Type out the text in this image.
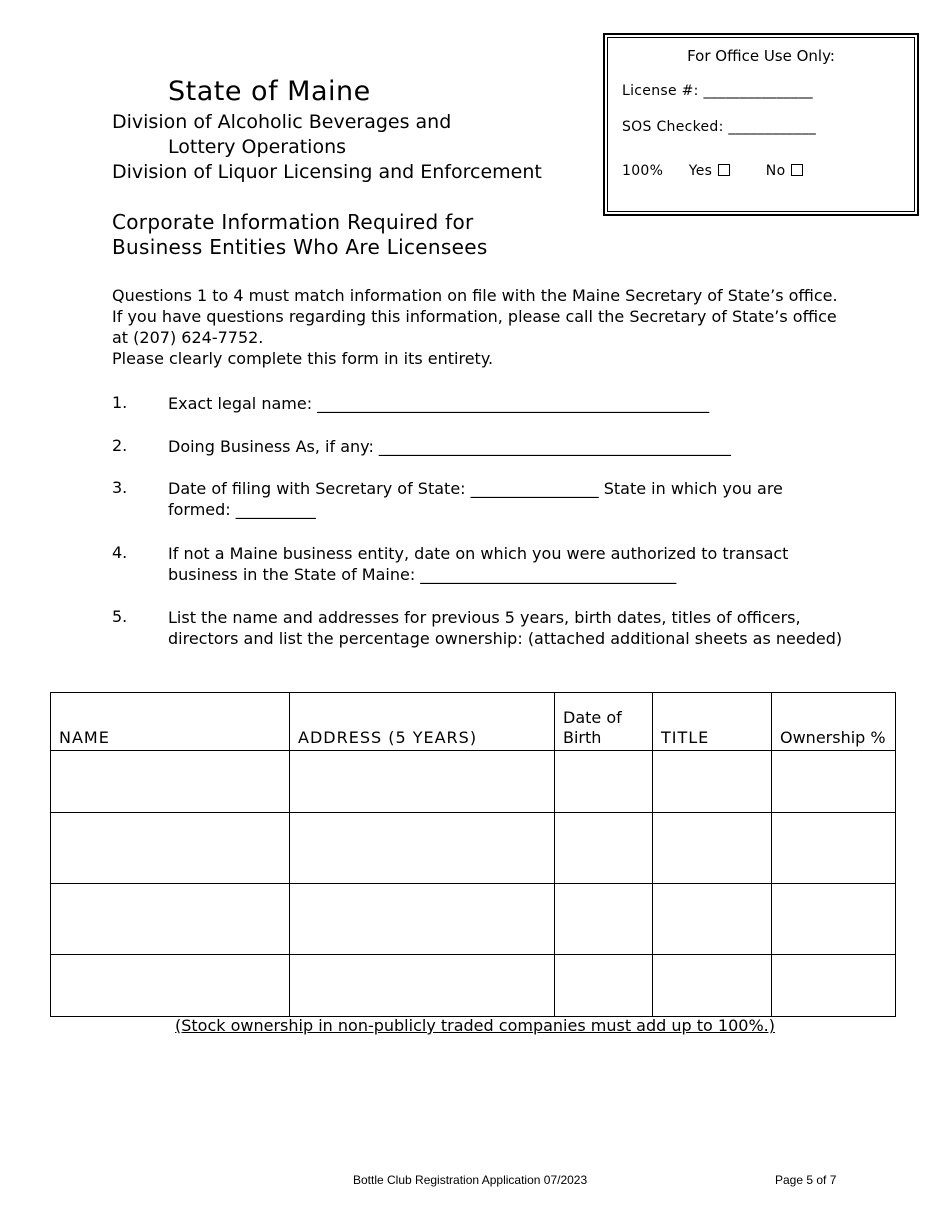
State of Maine
Division of Alcoholic Beverages and
Lottery Operations
Division of Liquor Licensing and Enforcement
For Office Use Only:
License #: _______________
SOS Checked: ____________
100% Yes	No
Corporate Information Required for
Business Entities Who Are Licensees
Questions 1 to 4 must match information on file with the Maine Secretary of State’s office. If you have questions regarding this information, please call the Secretary of State’s office at (207) 624-7752.
Please clearly complete this form in its entirety.
1.	Exact legal name: _________________________________________________
2.	Doing Business As, if any: ____________________________________________
3.	Date of filing with Secretary of State: ________________ State in which you are formed: __________
4.	If not a Maine business entity, date on which you were authorized to transact business in the State of Maine: ________________________________
5.	List the name and addresses for previous 5 years, birth dates, titles of officers, directors and list the percentage ownership: (attached additional sheets as needed)
NAME	ADDRESS (5 YEARS)	Date of Birth	TITLE	Ownership %

(Stock ownership in non-publicly traded companies must add up to 100%.)
Bottle Club Registration Application 07/2023	Page 5 of 7
